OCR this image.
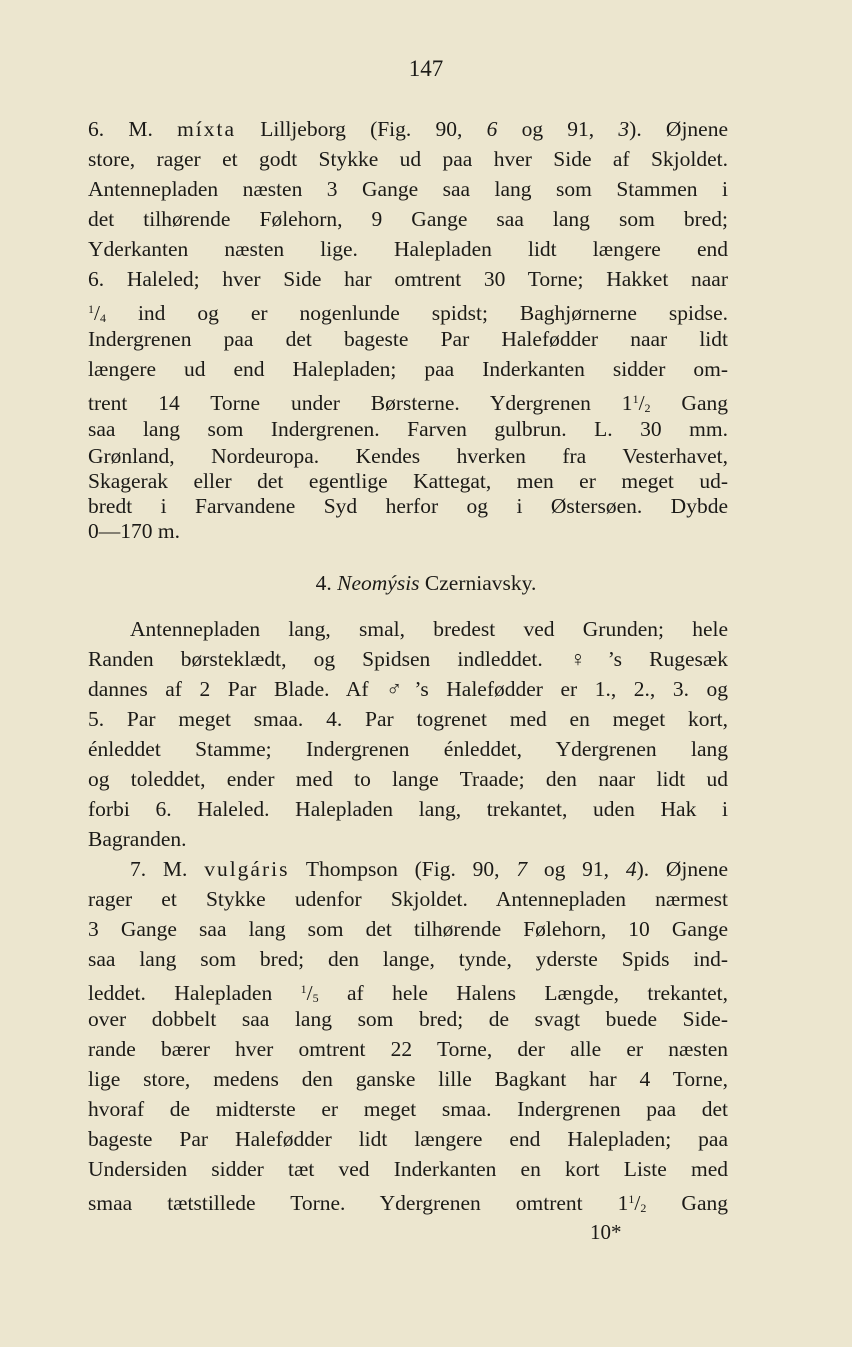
147
6. M. míxta Lilljeborg (Fig. 90, 6 og 91, 3). Øjnene
store, rager et godt Stykke ud paa hver Side af Skjoldet.
Antennepladen næsten 3 Gange saa lang som Stammen i
det tilhørende Følehorn, 9 Gange saa lang som bred;
Yderkanten næsten lige. Halepladen lidt længere end
6. Haleled; hver Side har omtrent 30 Torne; Hakket naar
$^1/_4$ ind og er nogenlunde spidst; Baghjørnerne spidse.
Indergrenen paa det bageste Par Halefødder naar lidt
længere ud end Halepladen; paa Inderkanten sidder om-
trent 14 Torne under Børsterne. Ydergrenen $1^1/_2$ Gang
saa lang som Indergrenen. Farven gulbrun. L. 30 mm.
Grønland, Nordeuropa. Kendes hverken fra Vesterhavet,
Skagerak eller det egentlige Kattegat, men er meget ud-
bredt i Farvandene Syd herfor og i Østersøen. Dybde
0—170 m.
4. Neomýsis Czerniavsky.
Antennepladen lang, smal, bredest ved Grunden; hele
Randen børsteklædt, og Spidsen indleddet. ♀’s Rugesæk
dannes af 2 Par Blade. Af ♂’s Halefødder er 1., 2., 3. og
5. Par meget smaa. 4. Par togrenet med en meget kort,
énleddet Stamme; Indergrenen énleddet, Ydergrenen lang
og toleddet, ender med to lange Traade; den naar lidt ud
forbi 6. Haleled. Halepladen lang, trekantet, uden Hak i
Bagranden.
7. M. vulgáris Thompson (Fig. 90, 7 og 91, 4). Øjnene
rager et Stykke udenfor Skjoldet. Antennepladen nærmest
3 Gange saa lang som det tilhørende Følehorn, 10 Gange
saa lang som bred; den lange, tynde, yderste Spids ind-
leddet. Halepladen $^1/_5$ af hele Halens Længde, trekantet,
over dobbelt saa lang som bred; de svagt buede Side-
rande bærer hver omtrent 22 Torne, der alle er næsten
lige store, medens den ganske lille Bagkant har 4 Torne,
hvoraf de midterste er meget smaa. Indergrenen paa det
bageste Par Halefødder lidt længere end Halepladen; paa
Undersiden sidder tæt ved Inderkanten en kort Liste med
smaa tætstillede Torne. Ydergrenen omtrent $1^1/_2$ Gang
10*
